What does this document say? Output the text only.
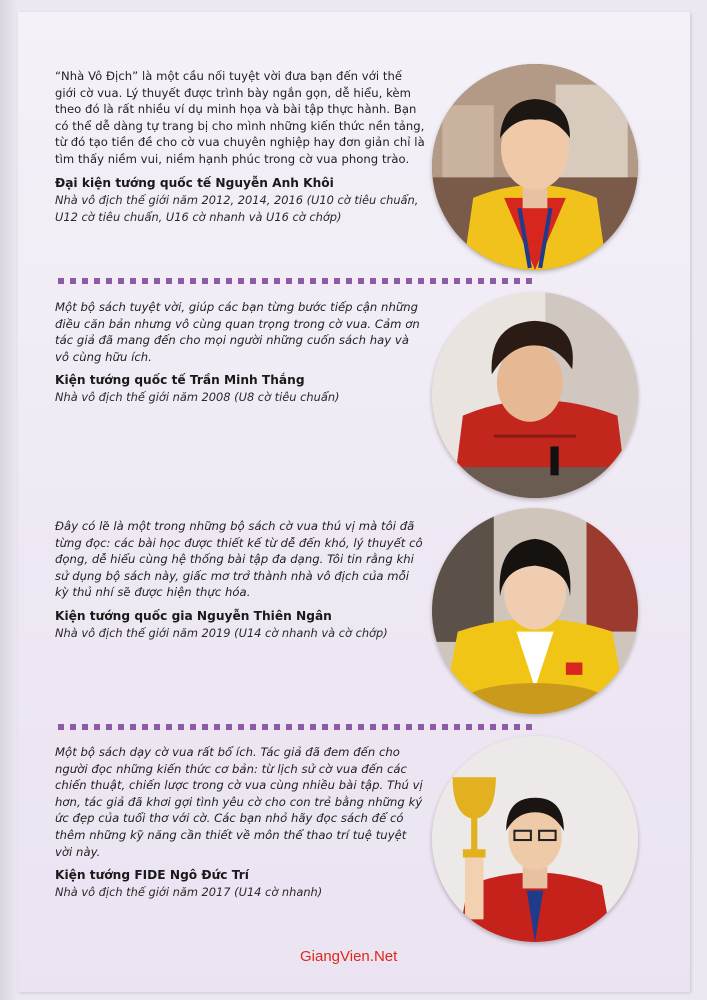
“Nhà Vô Địch” là một cầu nối tuyệt vời đưa bạn đến với thế giới cờ vua. Lý thuyết được trình bày ngắn gọn, dễ hiểu, kèm theo đó là rất nhiều ví dụ minh họa và bài tập thực hành. Bạn có thể dễ dàng tự trang bị cho mình những kiến thức nền tảng, từ đó tạo tiền đề cho cờ vua chuyên nghiệp hay đơn giản chỉ là tìm thấy niềm vui, niềm hạnh phúc trong cờ vua phong trào.

Đại kiện tướng quốc tế Nguyễn Anh Khôi

Nhà vô địch thế giới năm 2012, 2014, 2016 (U10 cờ tiêu chuẩn, U12 cờ tiêu chuẩn, U16 cờ nhanh và U16 cờ chớp)

Một bộ sách tuyệt vời, giúp các bạn từng bước tiếp cận những điều căn bản nhưng vô cùng quan trọng trong cờ vua. Cảm ơn tác giả đã mang đến cho mọi người những cuốn sách hay và vô cùng hữu ích.

Kiện tướng quốc tế Trần Minh Thắng

Nhà vô địch thế giới năm 2008 (U8 cờ tiêu chuẩn)

Đây có lẽ là một trong những bộ sách cờ vua thú vị mà tôi đã từng đọc: các bài học được thiết kế từ dễ đến khó, lý thuyết cô đọng, dễ hiểu cùng hệ thống bài tập đa dạng. Tôi tin rằng khi sử dụng bộ sách này, giấc mơ trở thành nhà vô địch của mỗi kỳ thủ nhí sẽ được hiện thực hóa.

Kiện tướng quốc gia Nguyễn Thiên Ngân

Nhà vô địch thế giới năm 2019 (U14 cờ nhanh và cờ chớp)

Một bộ sách dạy cờ vua rất bổ ích. Tác giả đã đem đến cho người đọc những kiến thức cơ bản: từ lịch sử cờ vua đến các chiến thuật, chiến lược trong cờ vua cùng nhiều bài tập. Thú vị hơn, tác giả đã khơi gợi tình yêu cờ cho con trẻ bằng những ký ức đẹp của tuổi thơ với cờ. Các bạn nhỏ hãy đọc sách để có thêm những kỹ năng cần thiết về môn thể thao trí tuệ tuyệt vời này.

Kiện tướng FIDE Ngô Đức Trí

Nhà vô địch thế giới năm 2017 (U14 cờ nhanh)

GiangVien.Net
